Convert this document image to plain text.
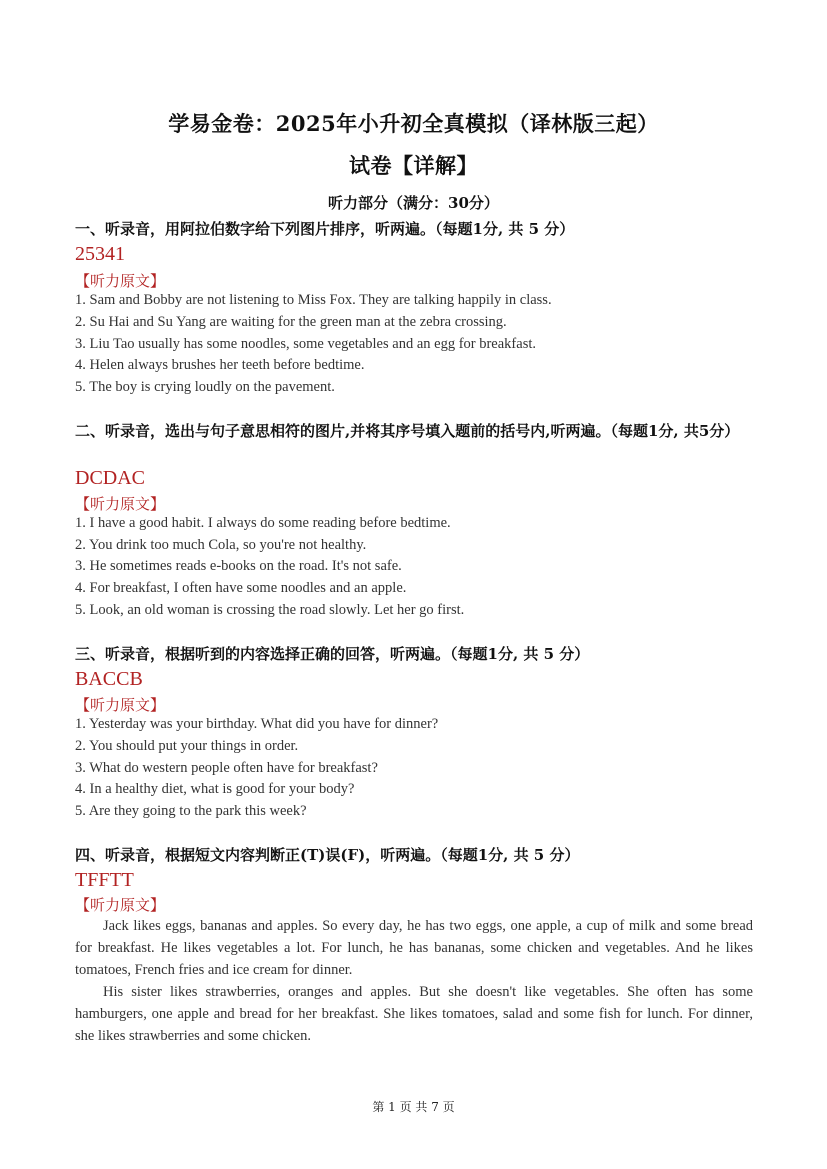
学易金卷：2025年小升初全真模拟（译林版三起）
试卷【详解】
听力部分（满分：30分）
一、听录音，用阿拉伯数字给下列图片排序，听两遍。（每题1分, 共 5 分）
25341
【听力原文】
1. Sam and Bobby are not listening to Miss Fox. They are talking happily in class.
2. Su Hai and Su Yang are waiting for the green man at the zebra crossing.
3. Liu Tao usually has some noodles, some vegetables and an egg for breakfast.
4. Helen always brushes her teeth before bedtime.
5. The boy is crying loudly on the pavement.
二、听录音，选出与句子意思相符的图片,并将其序号填入题前的括号内,听两遍。（每题1分, 共5分）
DCDAC
【听力原文】
1. I have a good habit. I always do some reading before bedtime.
2. You drink too much Cola, so you're not healthy.
3. He sometimes reads e-books on the road. It's not safe.
4. For breakfast, I often have some noodles and an apple.
5. Look, an old woman is crossing the road slowly. Let her go first.
三、听录音，根据听到的内容选择正确的回答，听两遍。（每题1分, 共 5 分）
BACCB
【听力原文】
1. Yesterday was your birthday. What did you have for dinner?
2. You should put your things in order.
3. What do western people often have for breakfast?
4. In a healthy diet, what is good for your body?
5. Are they going to the park this week?
四、听录音，根据短文内容判断正(T)误(F)，听两遍。（每题1分, 共 5 分）
TFFTT
【听力原文】
Jack likes eggs, bananas and apples. So every day, he has two eggs, one apple, a cup of milk and some bread for breakfast. He likes vegetables a lot. For lunch, he has bananas, some chicken and vegetables. And he likes tomatoes, French fries and ice cream for dinner.
His sister likes strawberries, oranges and apples. But she doesn't like vegetables. She often has some hamburgers, one apple and bread for her breakfast. She likes tomatoes, salad and some fish for lunch. For dinner, she likes strawberries and some chicken.
第 1 页 共 7 页
